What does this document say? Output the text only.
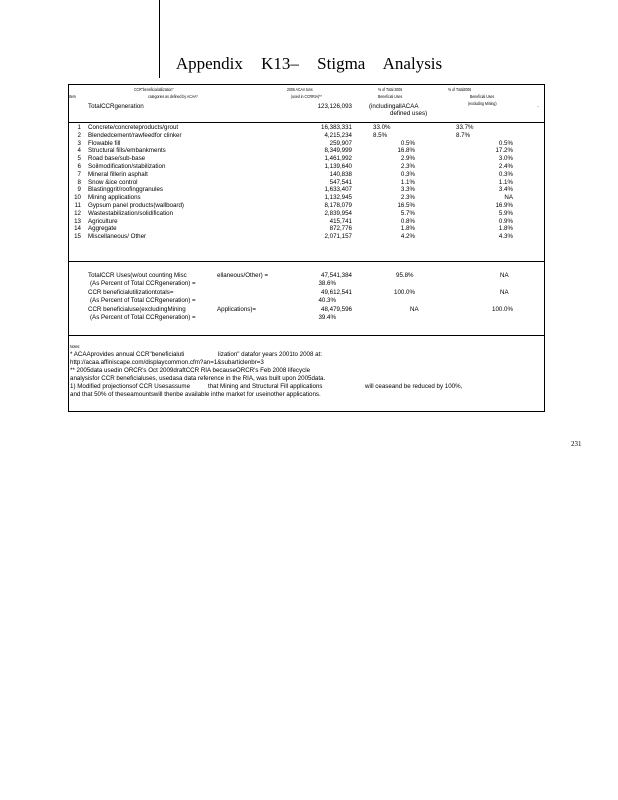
Appendix K13– Stigma Analysis
CCR"beneficialutilization"	2006 ACAA tons	% of Total 2006	% of Total2006
Item	categories as defined by ACAA*	(used in CCRRIA)**	Beneficial Uses	Beneficial Uses
(excluding Mining)
TotalCCRgeneration	123,126,093	(includingallACAA
defined uses)
·
1 Concrete/concreteproducts/grout	16,383,331	33.0%	33.7%
2 Blendedcement/rawfeedfor clinker	4,215,234	8.5%	8.7%
3 Flowable fill	259,907	0.5%	0.5%
4 Structural fills/embankments	8,349,999	16.8%	17.2%
5 Road base/sub-base	1,461,992	2.9%	3.0%
6 Soilmodification/stabilization	1,139,640	2.3%	2.4%
7 Mineral fillerin asphalt	140,838	0.3%	0.3%
8 Snow &ice control	547,541	1.1%	1.1%
9 Blastinggrit/roofinggranules	1,633,407	3.3%	3.4%
10 Mining applications	1,132,945	2.3%	NA
11 Gypsum panel products(wallboard)	8,178,079	16.5%	16.9%
12 Wastestabilization/solidification	2,839,954	5.7%	5.9%
13 Agriculture	415,741	0.8%	0.9%
14 Aggregate	872,776	1.8%	1.8%
15 Miscellaneous/ Other	2,071,157	4.2%	4.3%
TotalCCR Uses(w/out counting Misc	ellaneous/Other) =	47,541,384	95.8%	NA
(As Percent of Total CCRgeneration) =	38.6%
CCR beneficialutilizationtotals=	49,612,541	100.0%	NA
(As Percent of Total CCRgeneration) =	40.3%
CCR beneficialuse(excludingMining	Applications)=	48,479,596	NA	100.0%
(As Percent of Total CCRgeneration) =	39.4%
Notes:
* ACAAprovides annual CCR"beneficialuti	lization" datafor years 2001to 2008 at:
http://acaa.affiniscape.com/displaycommon.cfm?an=1&subarticlenbr=3
** 2005data usedin ORCR's Oct 2009draftCCR RIA becauseORCR's Feb 2008 lifecycle
analysisfor CCR beneficialuses, usedasa data reference in the RIA, was built upon 2005data.
1) Modified projectionsof CCR Usesassume	that Mining and Structural Fill applications	will ceaseand be reduced by 100%,
and that 50% of theseamountswill thenbe available inthe market for useinother applications.
231
